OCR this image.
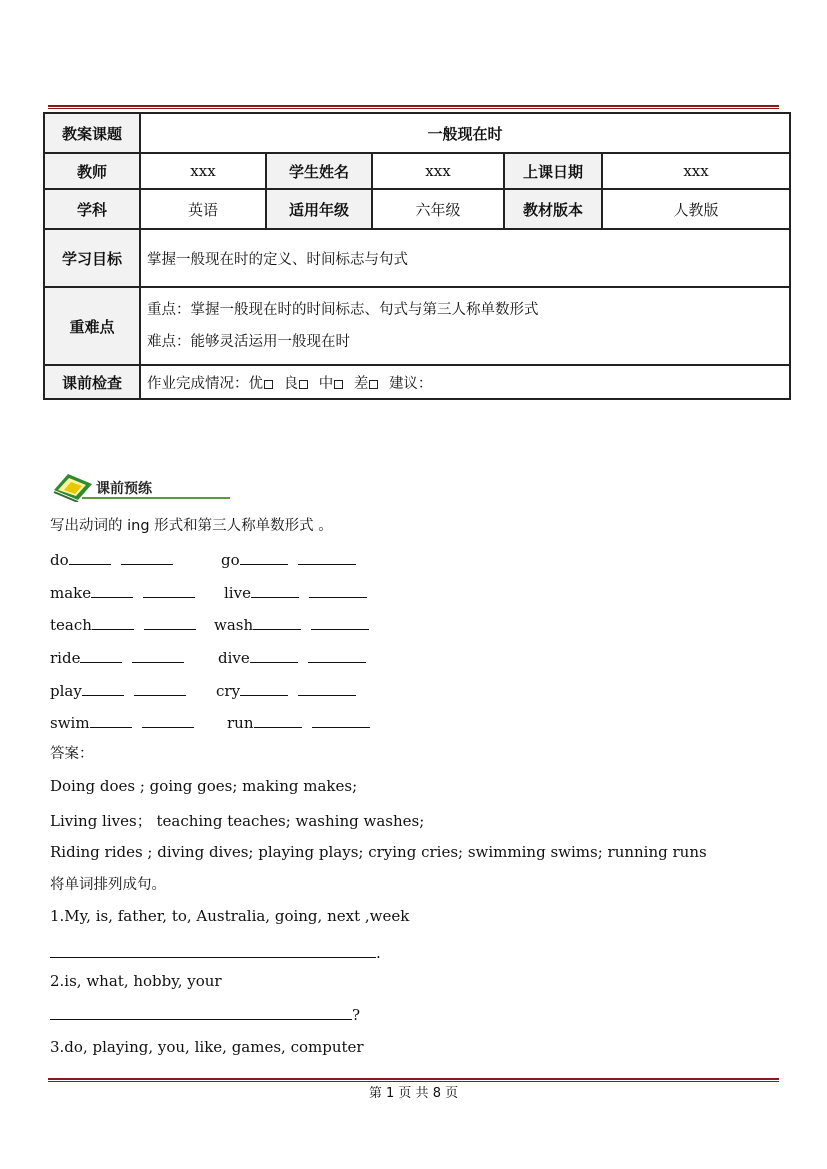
教案课题	一般现在时				
教师	xxx	学生姓名	xxx	上课日期	xxx
学科	英语	适用年级	六年级	教材版本	人教版
学习目标	掌握一般现在时的定义、时间标志与句式				
重难点	重点：掌握一般现在时的时间标志、句式与第三人称单数形式
难点：能够灵活运用一般现在时				

课前检查	作业完成情况：优 良 中 差 建议：				
课前预练
写出动词的 ing 形式和第三人称单数形式 。
do	go
make	live
teach	wash
ride	dive
play	cry
swim	run
答案：
Doing does ; going goes; making makes;
Living lives； teaching teaches; washing washes;
Riding rides ; diving dives; playing plays; crying cries; swimming swims; running runs
将单词排列成句。
1.My, is, father, to, Australia, going, next ,week
.
2.is, what, hobby, your
?
3.do, playing, you, like, games, computer
第 1 页 共 8 页
